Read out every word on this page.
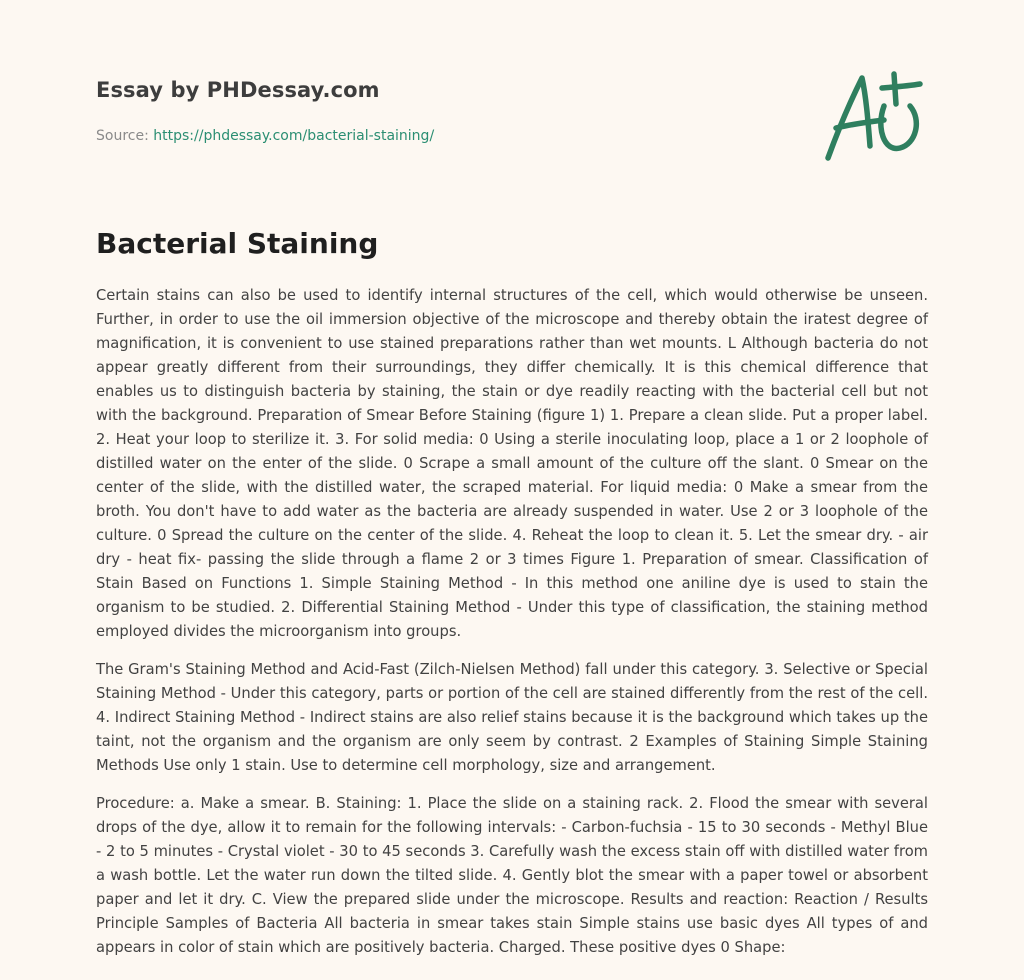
Essay by PHDessay.com
Source: https://phdessay.com/bacterial-staining/
Bacterial Staining

Certain stains can also be used to identify internal structures of the cell, which would otherwise be unseen. Further, in order to use the oil immersion objective of the microscope and thereby obtain the iratest degree of magnification, it is convenient to use stained preparations rather than wet mounts. L Although bacteria do not appear greatly different from their surroundings, they differ chemically. It is this chemical difference that enables us to distinguish bacteria by staining, the stain or dye readily reacting with the bacterial cell but not with the background. Preparation of Smear Before Staining (figure 1) 1. Prepare a clean slide. Put a proper label. 2. Heat your loop to sterilize it. 3. For solid media: 0 Using a sterile inoculating loop, place a 1 or 2 loophole of distilled water on the enter of the slide. 0 Scrape a small amount of the culture off the slant. 0 Smear on the center of the slide, with the distilled water, the scraped material. For liquid media: 0 Make a smear from the broth. You don't have to add water as the bacteria are already suspended in water. Use 2 or 3 loophole of the culture. 0 Spread the culture on the center of the slide. 4. Reheat the loop to clean it. 5. Let the smear dry. - air dry - heat fix- passing the slide through a flame 2 or 3 times Figure 1. Preparation of smear. Classification of Stain Based on Functions 1. Simple Staining Method - In this method one aniline dye is used to stain the organism to be studied. 2. Differential Staining Method - Under this type of classification, the staining method employed divides the microorganism into groups.

The Gram's Staining Method and Acid-Fast (Zilch-Nielsen Method) fall under this category. 3. Selective or Special Staining Method - Under this category, parts or portion of the cell are stained differently from the rest of the cell. 4. Indirect Staining Method - Indirect stains are also relief stains because it is the background which takes up the taint, not the organism and the organism are only seem by contrast. 2 Examples of Staining Simple Staining Methods Use only 1 stain. Use to determine cell morphology, size and arrangement.

Procedure: a. Make a smear. B. Staining: 1. Place the slide on a staining rack. 2. Flood the smear with several drops of the dye, allow it to remain for the following intervals: - Carbon-fuchsia - 15 to 30 seconds - Methyl Blue - 2 to 5 minutes - Crystal violet - 30 to 45 seconds 3. Carefully wash the excess stain off with distilled water from a wash bottle. Let the water run down the tilted slide. 4. Gently blot the smear with a paper towel or absorbent paper and let it dry. C. View the prepared slide under the microscope. Results and reaction: Reaction / Results Principle Samples of Bacteria All bacteria in smear takes stain Simple stains use basic dyes All types of and appears in color of stain which are positively bacteria. Charged. These positive dyes 0 Shape:
